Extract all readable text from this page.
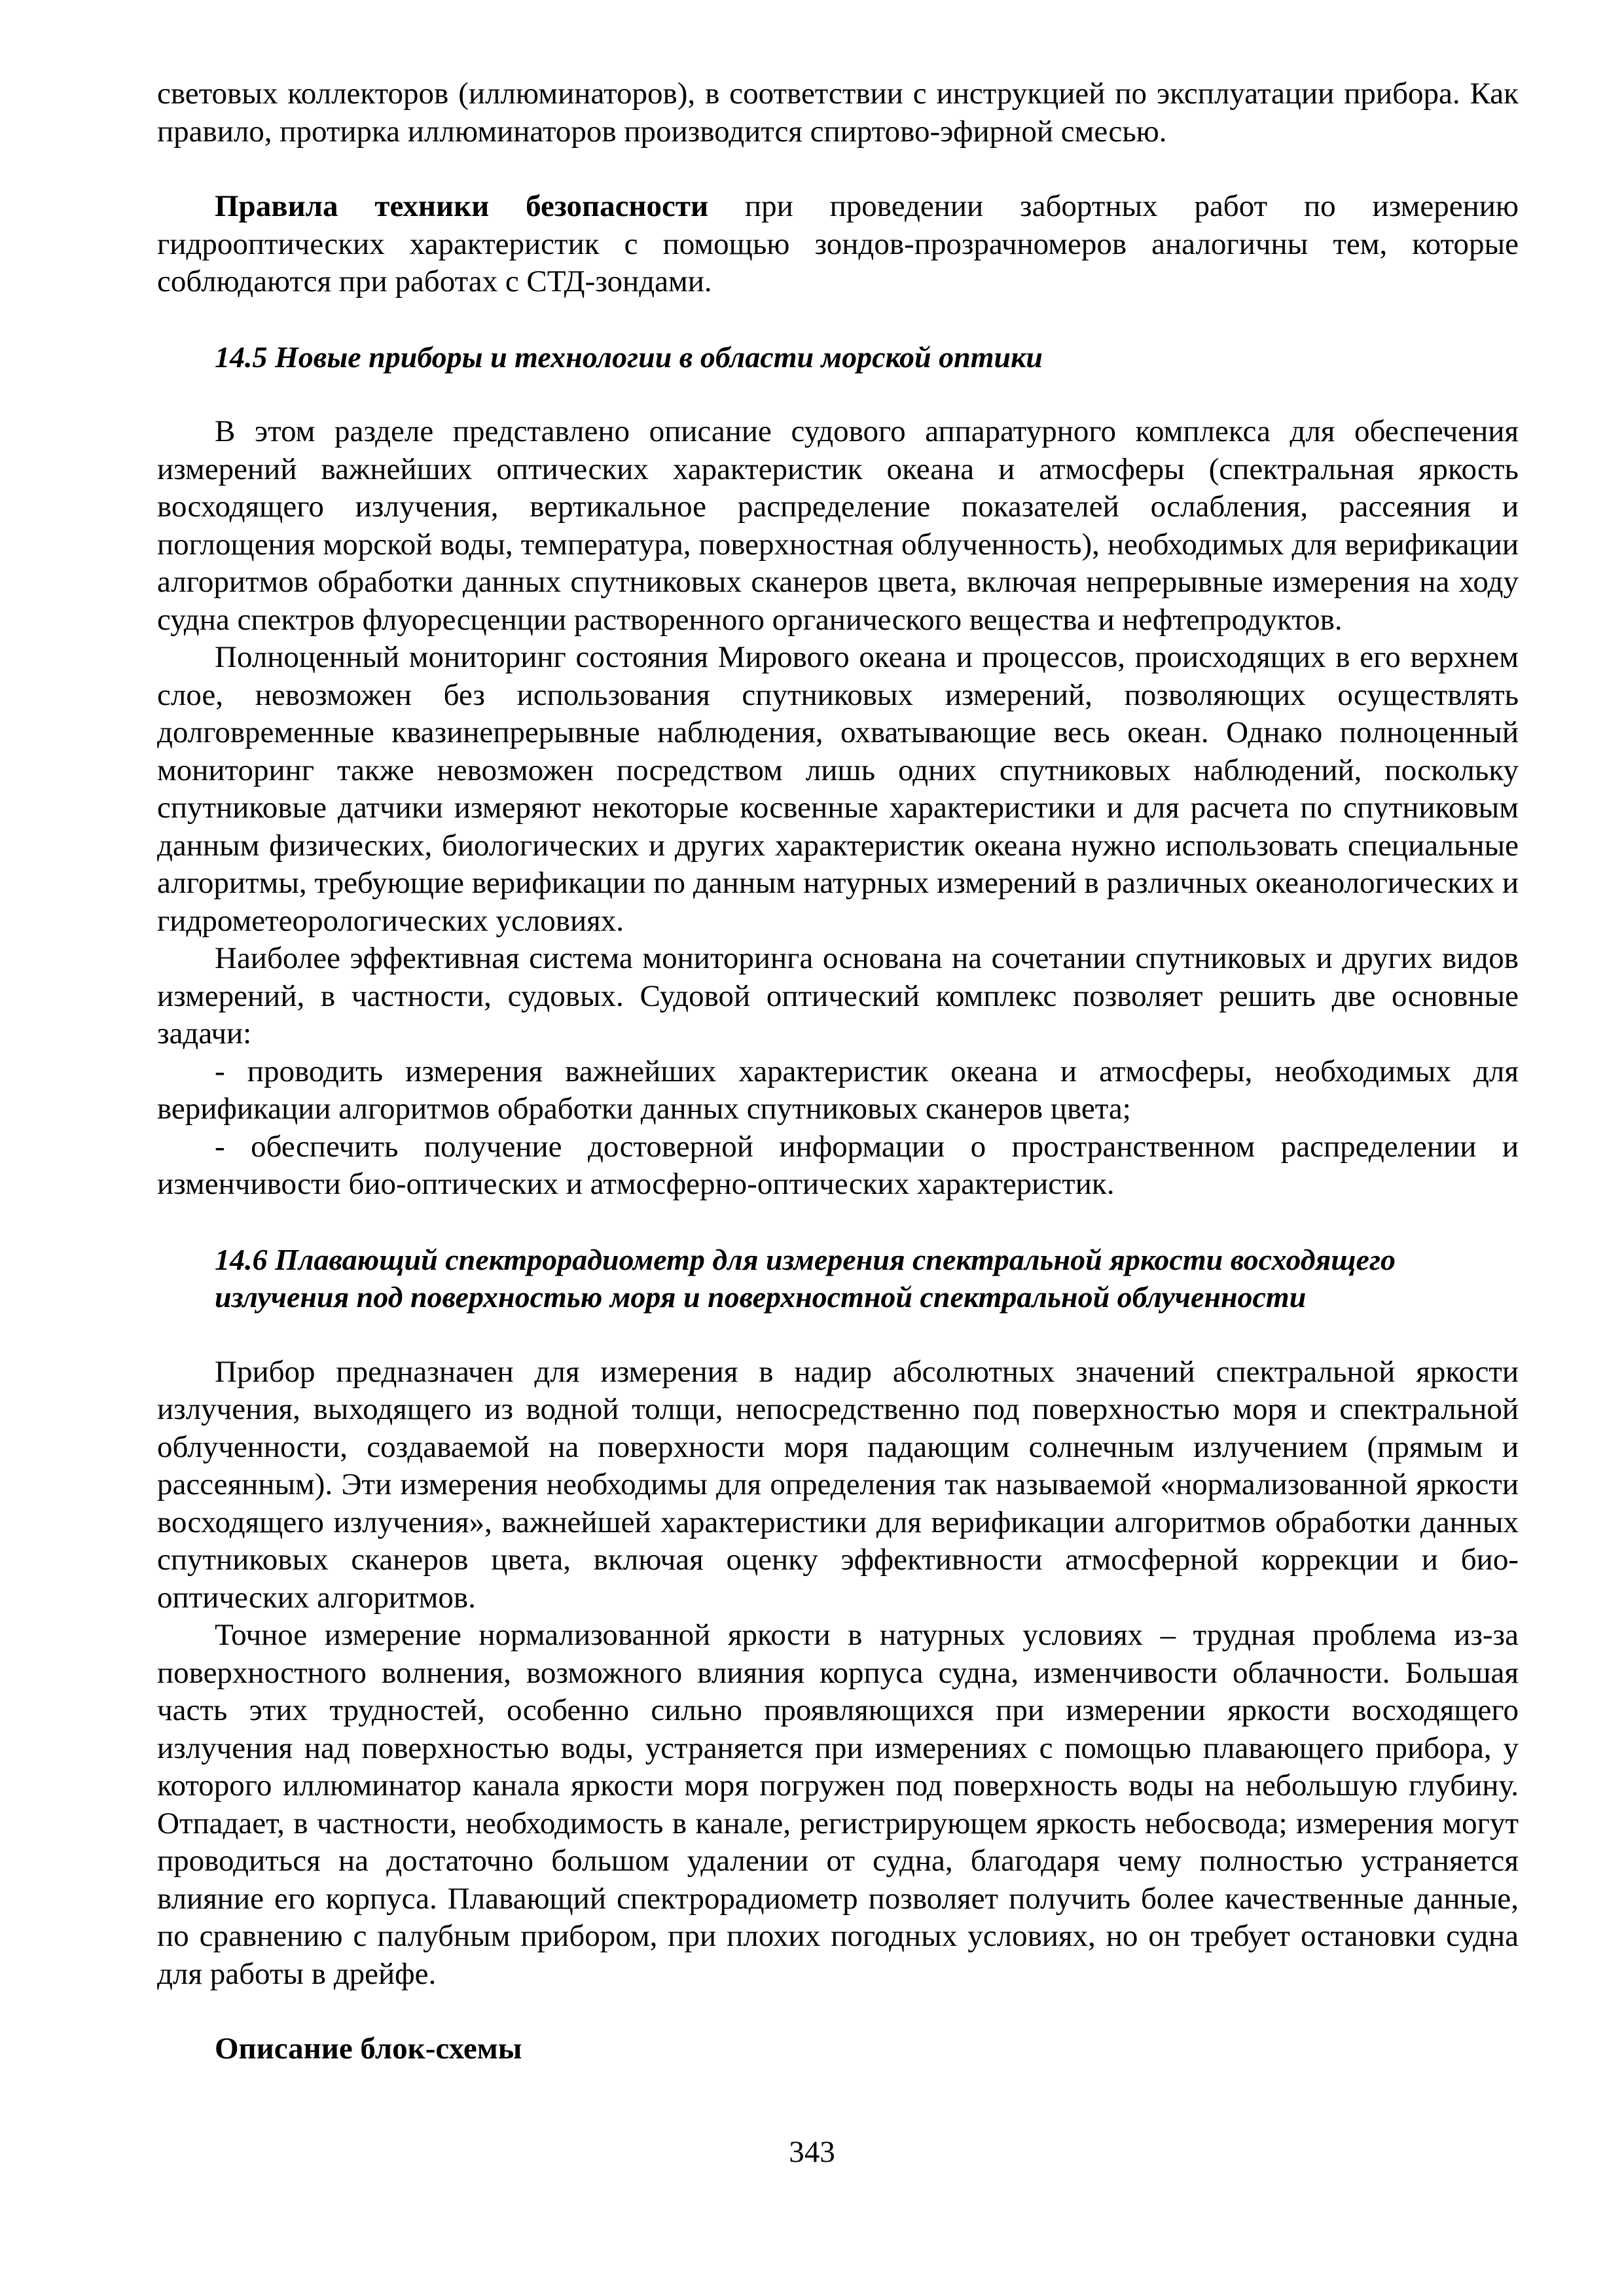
световых коллекторов (иллюминаторов), в соответствии с инструкцией по эксплуатации прибора. Как правило, протирка иллюминаторов производится спиртово-эфирной смесью.

Правила техники безопасности при проведении забортных работ по измерению гидрооптических характеристик с помощью зондов-прозрачномеров аналогичны тем, которые соблюдаются при работах с СТД-зондами.

14.5 Новые приборы и технологии в области морской оптики

В этом разделе представлено описание судового аппаратурного комплекса для обеспечения измерений важнейших оптических характеристик океана и атмосферы (спектральная яркость восходящего излучения, вертикальное распределение показателей ослабления, рассеяния и поглощения морской воды, температура, поверхностная облученность), необходимых для верификации алгоритмов обработки данных спутниковых сканеров цвета, включая непрерывные измерения на ходу судна спектров флуоресценции растворенного органического вещества и нефтепродуктов.

Полноценный мониторинг состояния Мирового океана и процессов, происходящих в его верхнем слое, невозможен без использования спутниковых измерений, позволяющих осуществлять долговременные квазинепрерывные наблюдения, охватывающие весь океан. Однако полноценный мониторинг также невозможен посредством лишь одних спутниковых наблюдений, поскольку спутниковые датчики измеряют некоторые косвенные характеристики и для расчета по спутниковым данным физических, биологических и других характеристик океана нужно использовать специальные алгоритмы, требующие верификации по данным натурных измерений в различных океанологических и гидрометеорологических условиях.

Наиболее эффективная система мониторинга основана на сочетании спутниковых и других видов измерений, в частности, судовых. Судовой оптический комплекс позволяет решить две основные задачи:

- проводить измерения важнейших характеристик океана и атмосферы, необходимых для верификации алгоритмов обработки данных спутниковых сканеров цвета;

- обеспечить получение достоверной информации о пространственном распределении и изменчивости био-оптических и атмосферно-оптических характеристик.

14.6 Плавающий спектрорадиометр для измерения спектральной яркости восходящего
излучения под поверхностью моря и поверхностной спектральной облученности

Прибор предназначен для измерения в надир абсолютных значений спектральной яркости излучения, выходящего из водной толщи, непосредственно под поверхностью моря и спектральной облученности, создаваемой на поверхности моря падающим солнечным излучением (прямым и рассеянным). Эти измерения необходимы для определения так называемой «нормализованной яркости восходящего излучения», важнейшей характеристики для верификации алгоритмов обработки данных спутниковых сканеров цвета, включая оценку эффективности атмосферной коррекции и био-оптических алгоритмов.

Точное измерение нормализованной яркости в натурных условиях – трудная проблема из-за поверхностного волнения, возможного влияния корпуса судна, изменчивости облачности. Большая часть этих трудностей, особенно сильно проявляющихся при измерении яркости восходящего излучения над поверхностью воды, устраняется при измерениях с помощью плавающего прибора, у которого иллюминатор канала яркости моря погружен под поверхность воды на небольшую глубину. Отпадает, в частности, необходимость в канале, регистрирующем яркость небосвода; измерения могут проводиться на достаточно большом удалении от судна, благодаря чему полностью устраняется влияние его корпуса. Плавающий спектрорадиометр позволяет получить более качественные данные, по сравнению с палубным прибором, при плохих погодных условиях, но он требует остановки судна для работы в дрейфе.

Описание блок-схемы

343
